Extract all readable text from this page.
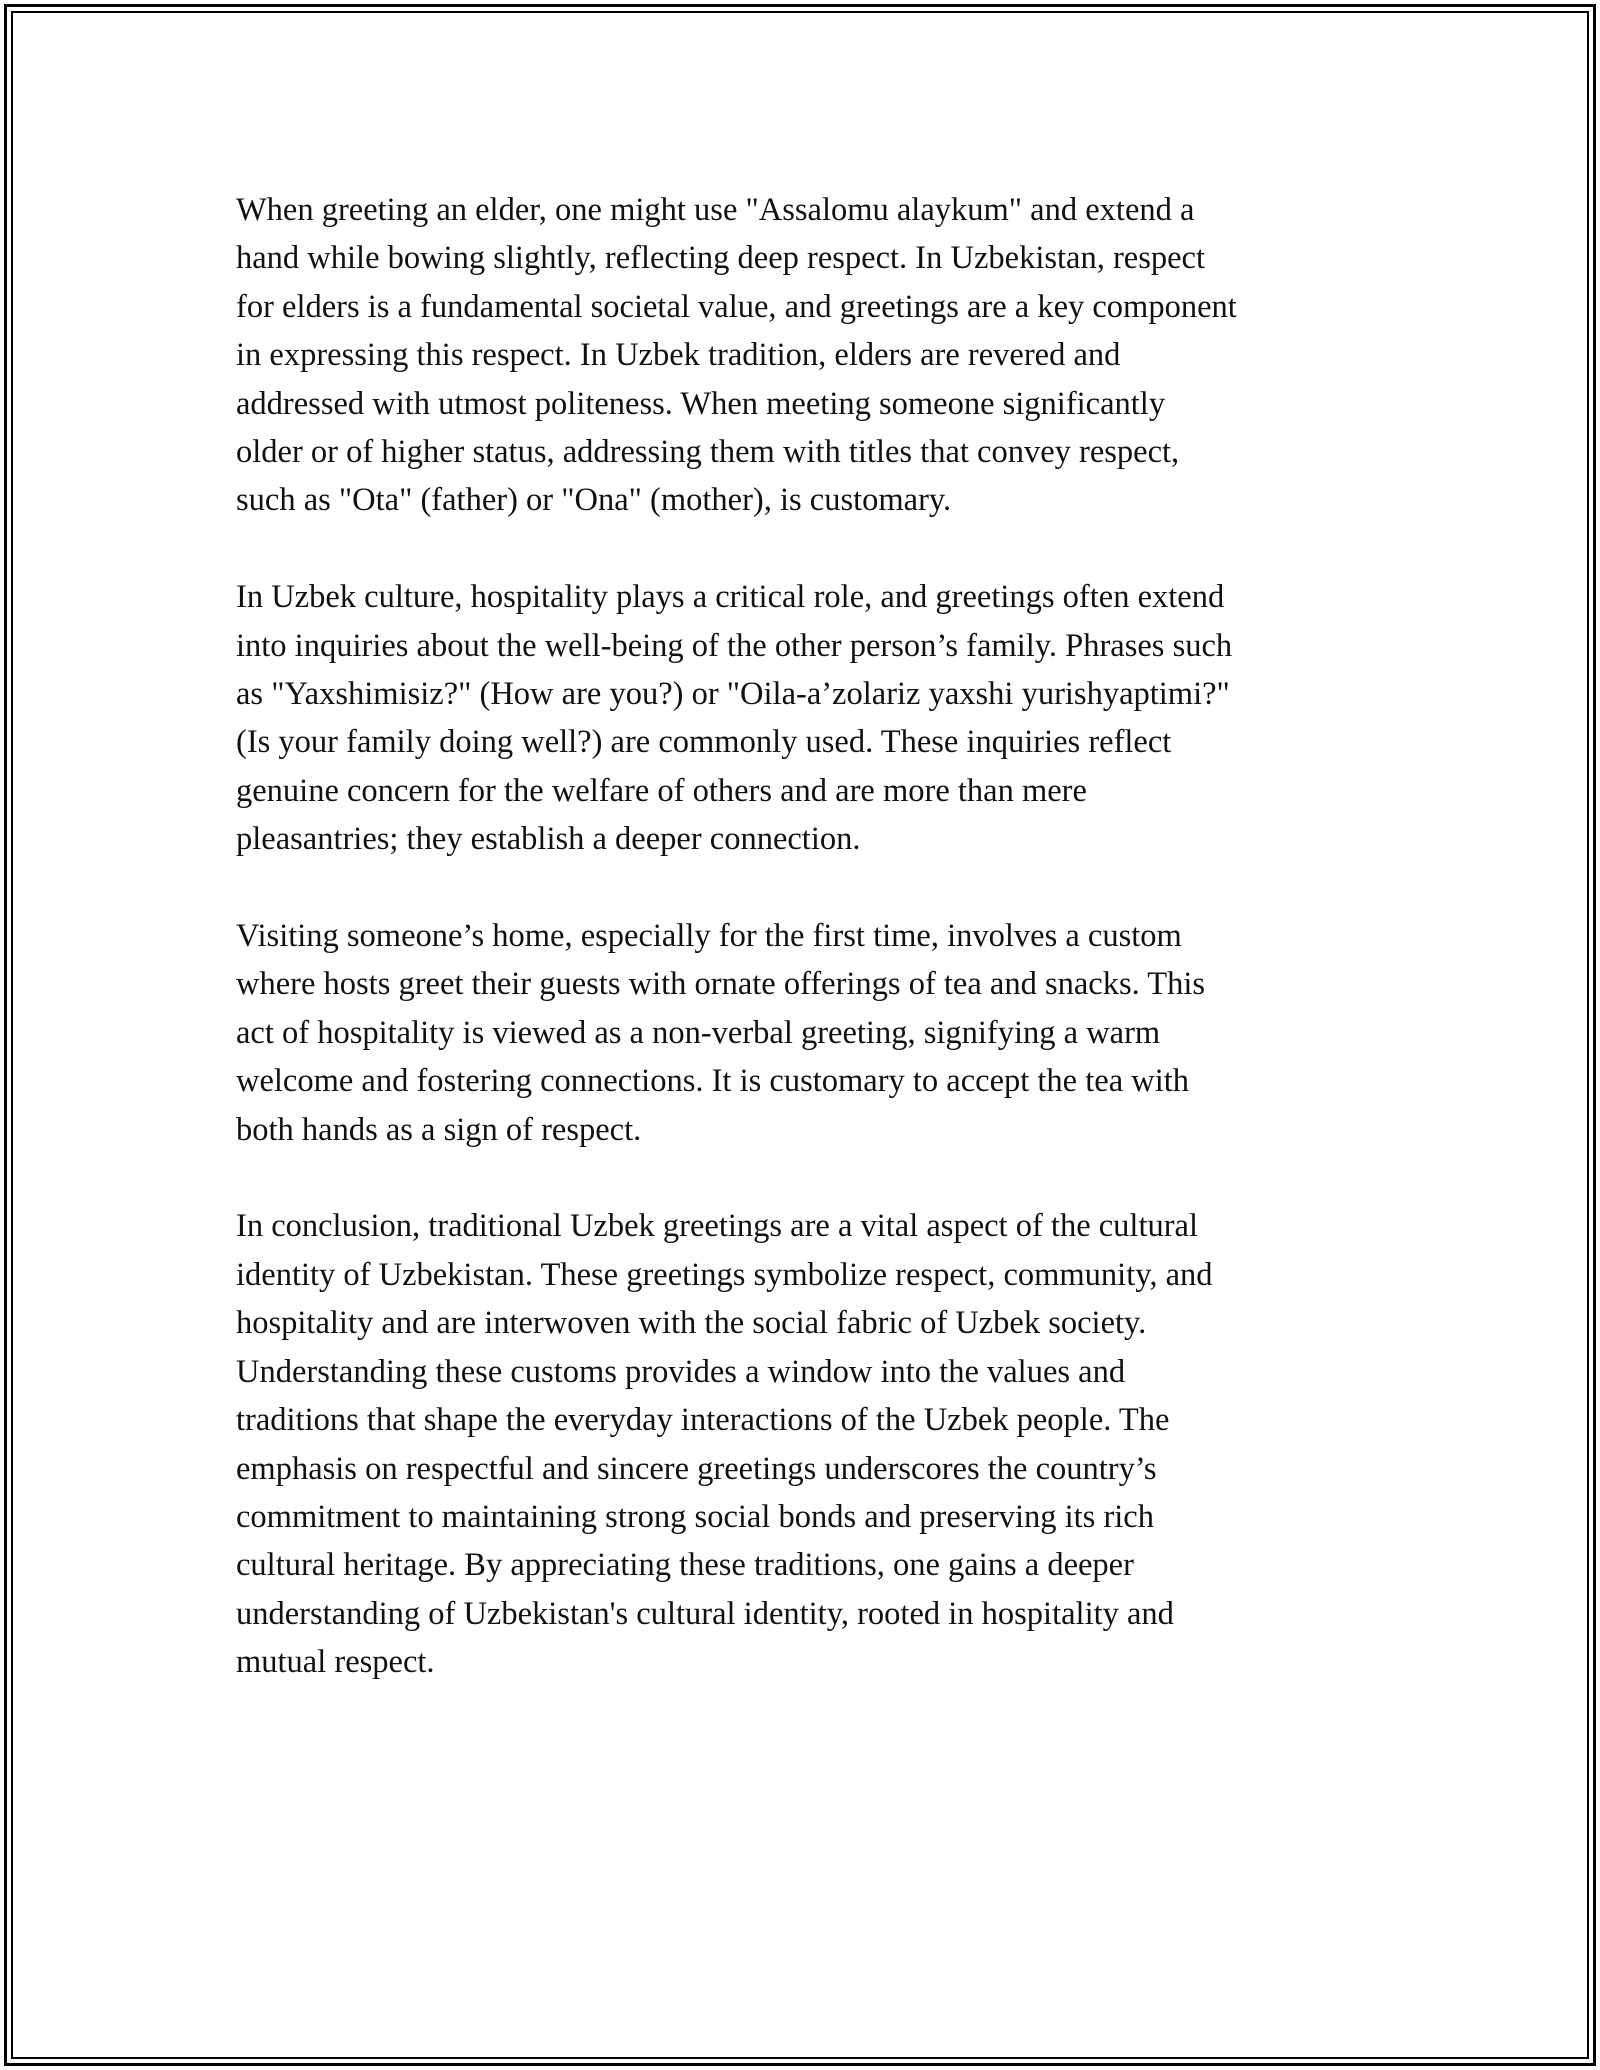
When greeting an elder, one might use "Assalomu alaykum" and extend a
hand while bowing slightly, reflecting deep respect. In Uzbekistan, respect
for elders is a fundamental societal value, and greetings are a key component
in expressing this respect. In Uzbek tradition, elders are revered and
addressed with utmost politeness. When meeting someone significantly
older or of higher status, addressing them with titles that convey respect,
such as "Ota" (father) or "Ona" (mother), is customary.

In Uzbek culture, hospitality plays a critical role, and greetings often extend
into inquiries about the well-being of the other person’s family. Phrases such
as "Yaxshimisiz?" (How are you?) or "Oila-a’zolariz yaxshi yurishyaptimi?"
(Is your family doing well?) are commonly used. These inquiries reflect
genuine concern for the welfare of others and are more than mere
pleasantries; they establish a deeper connection.

Visiting someone’s home, especially for the first time, involves a custom
where hosts greet their guests with ornate offerings of tea and snacks. This
act of hospitality is viewed as a non-verbal greeting, signifying a warm
welcome and fostering connections. It is customary to accept the tea with
both hands as a sign of respect.

In conclusion, traditional Uzbek greetings are a vital aspect of the cultural
identity of Uzbekistan. These greetings symbolize respect, community, and
hospitality and are interwoven with the social fabric of Uzbek society.
Understanding these customs provides a window into the values and
traditions that shape the everyday interactions of the Uzbek people. The
emphasis on respectful and sincere greetings underscores the country’s
commitment to maintaining strong social bonds and preserving its rich
cultural heritage. By appreciating these traditions, one gains a deeper
understanding of Uzbekistan's cultural identity, rooted in hospitality and
mutual respect.
